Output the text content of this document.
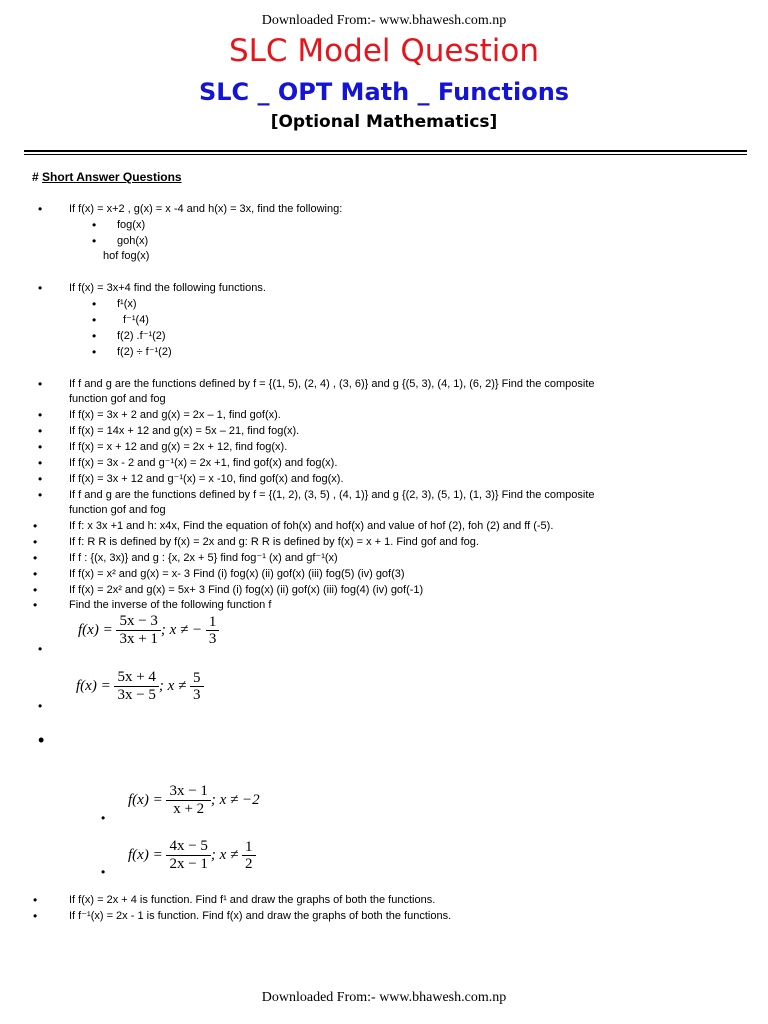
Downloaded From:- www.bhawesh.com.np
SLC Model Question
SLC _ OPT Math _ Functions
[Optional Mathematics]
# Short Answer Questions
• If f(x) = x+2 , g(x) = x -4 and h(x) = 3x, find the following:
• fog(x)
• goh(x)
hof fog(x)
• If f(x) = 3x+4 find the following functions.
• f¹(x)
• f⁻¹(4)
• f(2) .f⁻¹(2)
• f(2) ÷ f⁻¹(2)
• If f and g are the functions defined by f = {(1, 5), (2, 4) , (3, 6)} and g {(5, 3), (4, 1), (6, 2)} Find the composite
function gof and fog
• If f(x) = 3x + 2 and g(x) = 2x – 1, find gof(x).
• If f(x) = 14x + 12 and g(x) = 5x – 21, find fog(x).
• If f(x) = x + 12 and g(x) = 2x + 12, find fog(x).
• If f(x) = 3x - 2 and g⁻¹(x) = 2x +1, find gof(x) and fog(x).
• If f(x) = 3x + 12 and g⁻¹(x) = x -10, find gof(x) and fog(x).
• If f and g are the functions defined by f = {(1, 2), (3, 5) , (4, 1)} and g {(2, 3), (5, 1), (1, 3)} Find the composite
function gof and fog
•	If f: x 3x +1 and h: x4x, Find the equation of foh(x) and hof(x) and value of hof (2), foh (2) and ff (-5).
•	If f: R R is defined by f(x) = 2x and g: R R is defined by f(x) = x + 1. Find gof and fog.
•	If f : {(x, 3x)} and g : {x, 2x + 5} find fog⁻¹ (x) and gf⁻¹(x)
•	If f(x) = x² and g(x) = x- 3 Find (i) fog(x) (ii) gof(x) (iii) fog(5) (iv) gof(3)
•	If f(x) = 2x² and g(x) = 5x+ 3 Find (i) fog(x) (ii) gof(x) (iii) fog(4) (iv) gof(-1)
•	Find the inverse of the following function f
•
$f(x) = \frac{5x - 3}{3x + 1}$ ; x ≠ − $\frac{1}{3}$
•
$f(x) = \frac{5x + 4}{3x - 5}$ ; $x \ne \frac{5}{3}$
•
•
$f(x) = \frac{3x - 1}{x + 2}$ ; x ≠ −2
•
$f(x) = \frac{4x - 5}{2x - 1}$ ; $x \ne \frac{1}{2}$
•	If f(x) = 2x + 4 is function. Find f¹ and draw the graphs of both the functions.
•	If f⁻¹(x) = 2x - 1 is function. Find f(x) and draw the graphs of both the functions.
Downloaded From:- www.bhawesh.com.np
